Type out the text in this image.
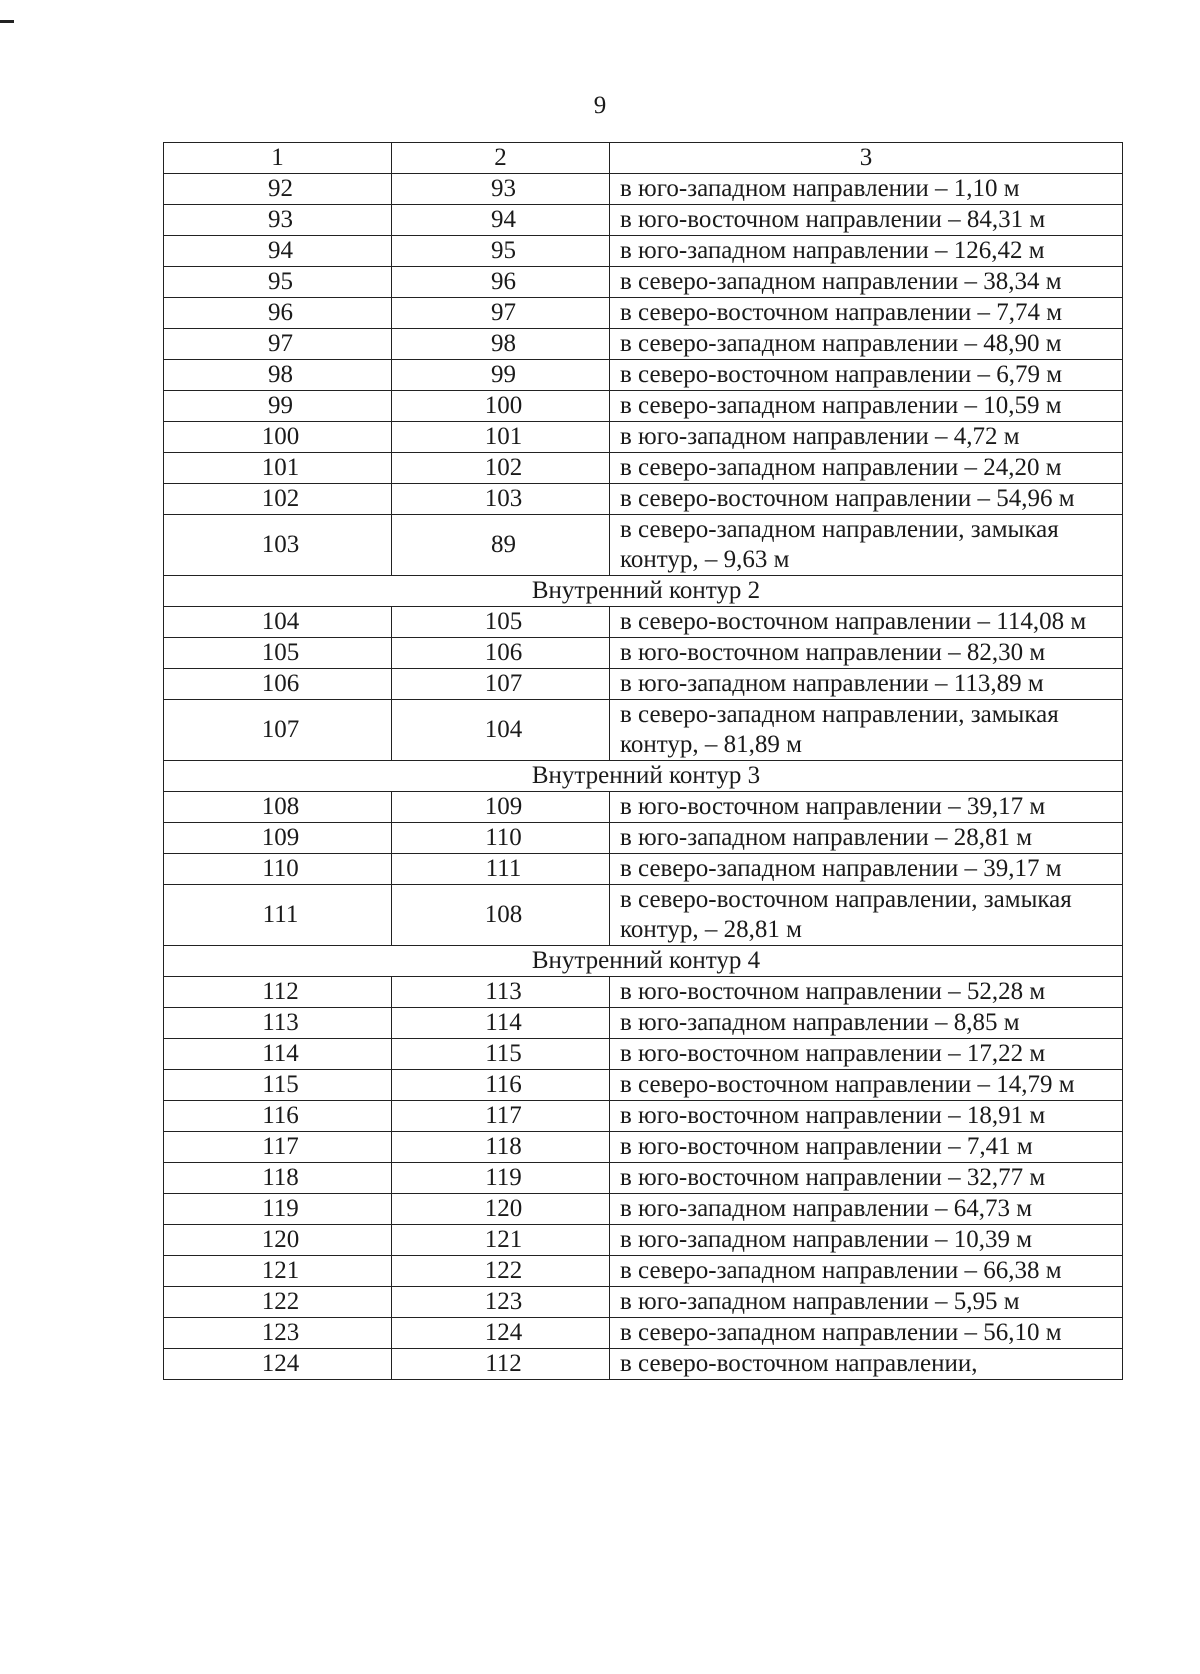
9
1	2	3
92	93	в юго-западном направлении – 1,10 м
93	94	в юго-восточном направлении – 84,31 м
94	95	в юго-западном направлении – 126,42 м
95	96	в северо-западном направлении – 38,34 м
96	97	в северо-восточном направлении – 7,74 м
97	98	в северо-западном направлении – 48,90 м
98	99	в северо-восточном направлении – 6,79 м
99	100	в северо-западном направлении – 10,59 м
100	101	в юго-западном направлении – 4,72 м
101	102	в северо-западном направлении – 24,20 м
102	103	в северо-восточном направлении – 54,96 м
103	89	в северо-западном направлении, замыкая контур, – 9,63 м
Внутренний контур 2		
104	105	в северо-восточном направлении – 114,08 м
105	106	в юго-восточном направлении – 82,30 м
106	107	в юго-западном направлении – 113,89 м
107	104	в северо-западном направлении, замыкая контур, – 81,89 м
Внутренний контур 3		
108	109	в юго-восточном направлении – 39,17 м
109	110	в юго-западном направлении – 28,81 м
110	111	в северо-западном направлении – 39,17 м
111	108	в северо-восточном направлении, замыкая контур, – 28,81 м
Внутренний контур 4		
112	113	в юго-восточном направлении – 52,28 м
113	114	в юго-западном направлении – 8,85 м
114	115	в юго-восточном направлении – 17,22 м
115	116	в северо-восточном направлении – 14,79 м
116	117	в юго-восточном направлении – 18,91 м
117	118	в юго-восточном направлении – 7,41 м
118	119	в юго-восточном направлении – 32,77 м
119	120	в юго-западном направлении – 64,73 м
120	121	в юго-западном направлении – 10,39 м
121	122	в северо-западном направлении – 66,38 м
122	123	в юго-западном направлении – 5,95 м
123	124	в северо-западном направлении – 56,10 м
124	112	в северо-восточном направлении,
